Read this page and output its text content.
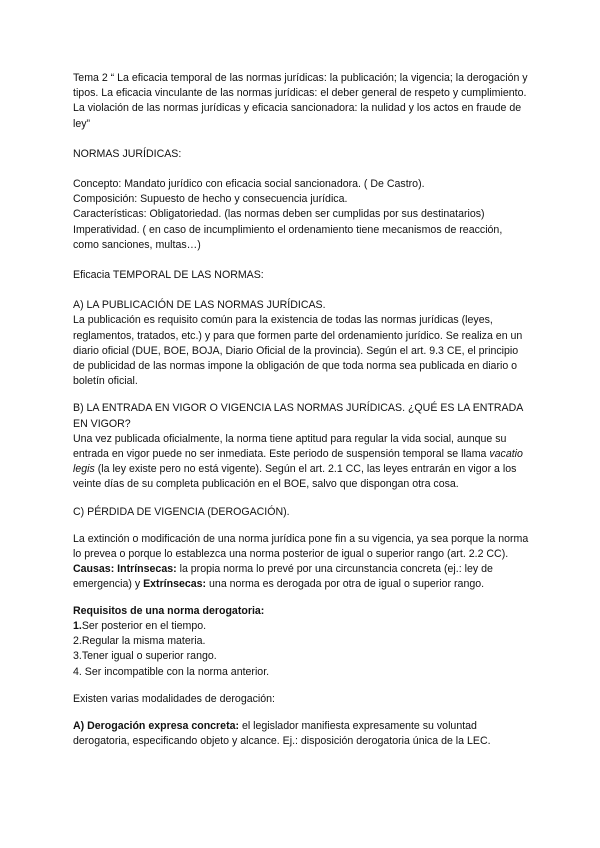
Tema 2 “ La eficacia temporal de las normas jurídicas: la publicación; la vigencia; la derogación y tipos. La eficacia vinculante de las normas jurídicas: el deber general de respeto y cumplimiento. La violación de las normas jurídicas y eficacia sancionadora: la nulidad y los actos en fraude de ley”

NORMAS JURÍDICAS:

Concepto: Mandato jurídico con eficacia social sancionadora. ( De Castro).

Composición: Supuesto de hecho y consecuencia jurídica.

Características: Obligatoriedad. (las normas deben ser cumplidas por sus destinatarios) Imperatividad. ( en caso de incumplimiento el ordenamiento tiene mecanismos de reacción, como sanciones, multas…)

Eficacia TEMPORAL DE LAS NORMAS:

A) LA PUBLICACIÓN DE LAS NORMAS JURÍDICAS.

La publicación es requisito común para la existencia de todas las normas jurídicas (leyes, reglamentos, tratados, etc.) y para que formen parte del ordenamiento jurídico. Se realiza en un diario oficial (DUE, BOE, BOJA, Diario Oficial de la provincia). Según el art. 9.3 CE, el principio de publicidad de las normas impone la obligación de que toda norma sea publicada en diario o boletín oficial.

B) LA ENTRADA EN VIGOR O VIGENCIA LAS NORMAS JURÍDICAS. ¿QUÉ ES LA ENTRADA EN VIGOR?

Una vez publicada oficialmente, la norma tiene aptitud para regular la vida social, aunque su entrada en vigor puede no ser inmediata. Este periodo de suspensión temporal se llama vacatio legis (la ley existe pero no está vigente). Según el art. 2.1 CC, las leyes entrarán en vigor a los veinte días de su completa publicación en el BOE, salvo que dispongan otra cosa.

C) PÉRDIDA DE VIGENCIA (DEROGACIÓN).

La extinción o modificación de una norma jurídica pone fin a su vigencia, ya sea porque la norma lo prevea o porque lo establezca una norma posterior de igual o superior rango (art. 2.2 CC).

Causas: Intrínsecas: la propia norma lo prevé por una circunstancia concreta (ej.: ley de emergencia) y Extrínsecas: una norma es derogada por otra de igual o superior rango.

Requisitos de una norma derogatoria:

1.Ser posterior en el tiempo.

2.Regular la misma materia.

3.Tener igual o superior rango.

4. Ser incompatible con la norma anterior.

Existen varias modalidades de derogación:

A) Derogación expresa concreta: el legislador manifiesta expresamente su voluntad derogatoria, especificando objeto y alcance. Ej.: disposición derogatoria única de la LEC.
